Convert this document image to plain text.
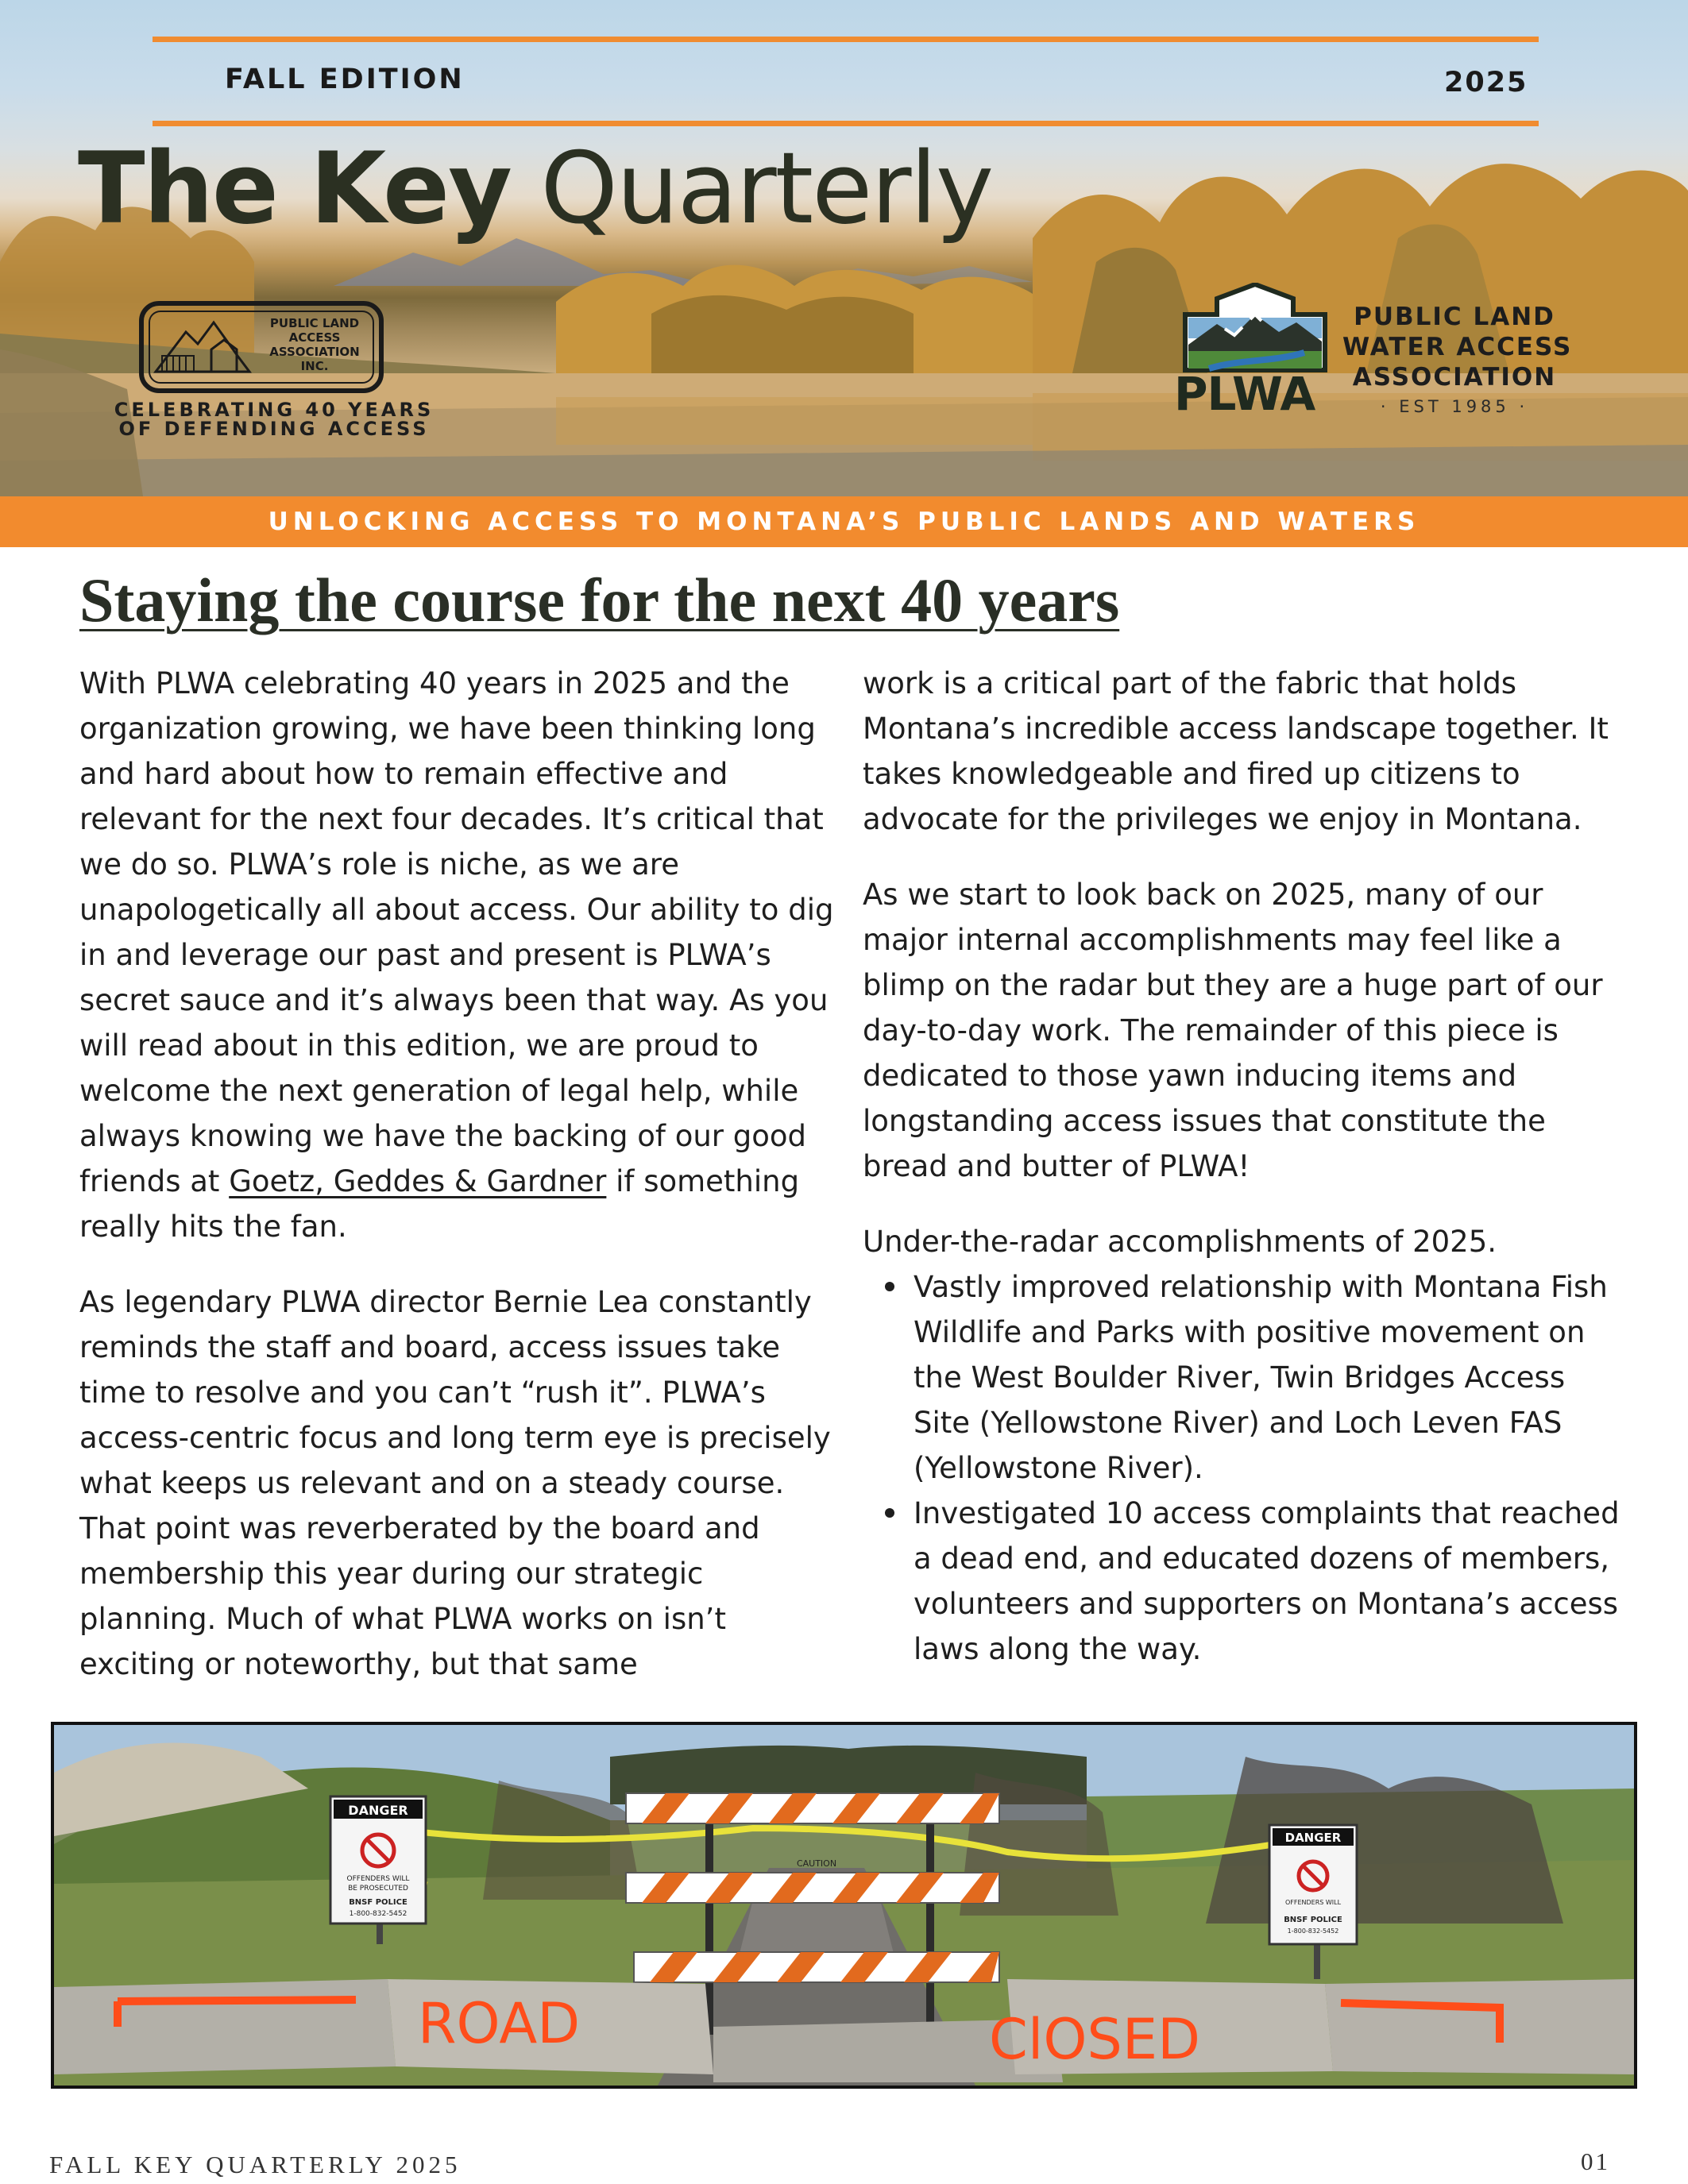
FALL EDITION	2025
The Key Quarterly
PUBLIC LAND
ACCESS
ASSOCIATION
INC.
CELEBRATING 40 YEARS
OF DEFENDING ACCESS
PLWA
PUBLIC LAND
WATER ACCESS
ASSOCIATION
· EST 1985 ·
UNLOCKING ACCESS TO MONTANA’S PUBLIC LANDS AND WATERS
Staying the course for the next 40 years

With PLWA celebrating 40 years in 2025 and the organization growing, we have been thinking long and hard about how to remain effective and relevant for the next four decades. It’s critical that we do so. PLWA’s role is niche, as we are unapologetically all about access. Our ability to dig in and leverage our past and present is PLWA’s secret sauce and it’s always been that way. As you will read about in this edition, we are proud to welcome the next generation of legal help, while always knowing we have the backing of our good friends at Goetz, Geddes & Gardner if something really hits the fan.

As legendary PLWA director Bernie Lea constantly reminds the staff and board, access issues take time to resolve and you can’t “rush it”. PLWA’s access-centric focus and long term eye is precisely what keeps us relevant and on a steady course. That point was reverberated by the board and membership this year during our strategic planning. Much of what PLWA works on isn’t exciting or noteworthy, but that same

work is a critical part of the fabric that holds Montana’s incredible access landscape together. It takes knowledgeable and fired up citizens to advocate for the privileges we enjoy in Montana.

As we start to look back on 2025, many of our major internal accomplishments may feel like a blimp on the radar but they are a huge part of our day-to-day work. The remainder of this piece is dedicated to those yawn inducing items and longstanding access issues that constitute the bread and butter of PLWA!

Under-the-radar accomplishments of 2025.

Vastly improved relationship with Montana Fish Wildlife and Parks with positive movement on the West Boulder River, Twin Bridges Access Site (Yellowstone River) and Loch Leven FAS (Yellowstone River).
Investigated 10 access complaints that reached a dead end, and educated dozens of members, volunteers and supporters on Montana’s access laws along the way.
CAUTION
ROAD	ClOSED
DANGER
OFFENDERS WILL
BE PROSECUTED
BNSF POLICE
1-800-832-5452
DANGER
OFFENDERS WILL
BNSF POLICE
1-800-832-5452
FALL KEY QUARTERLY 2025	01
